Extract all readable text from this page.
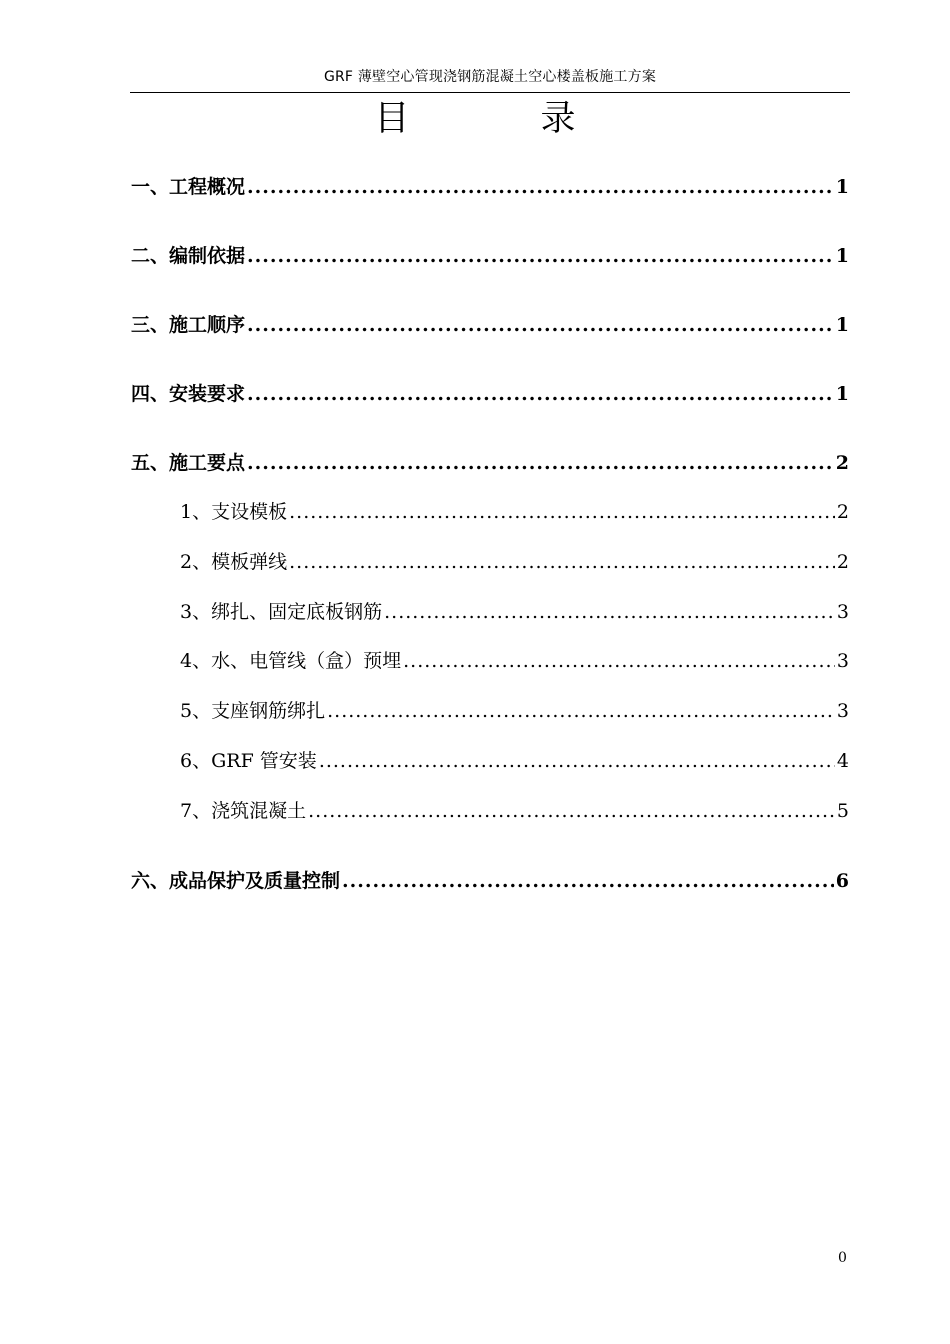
GRF 薄壁空心管现浇钢筋混凝土空心楼盖板施工方案
目 录
一、工程概况 .....	1
二、编制依据 .....	1
三、施工顺序 .....	1
四、安装要求 .....	1
五、施工要点 .....	2
1、 支设模板 .....	2
2、 模板弹线 .....	2
3、 绑扎、固定底板钢筋 .....	3
4、 水、电管线（盒）预埋 .....	3
5、 支座钢筋绑扎 .....	3
6、 GRF 管安装 .....	4
7、 浇筑混凝土 .....	5
六、成品保护及质量控制 .....	6
0
